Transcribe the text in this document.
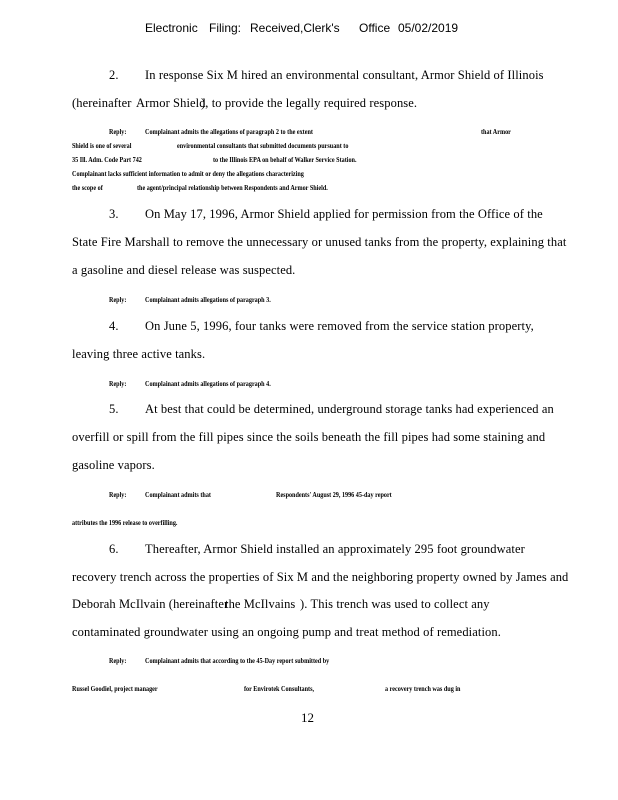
Electronic Filing: Received,Clerk's Office 05/02/2019
2. In response Six M hired an environmental consultant, Armor Shield of Illinois
(hereinafter Armor Shield
), to provide the legally required response.
Reply: Complainant admits the allegations of paragraph 2 to the extent	that Armor
Shield is one of several	environmental consultants that submitted documents pursuant to
35 Ill. Adm. Code Part 742	to the Illinois EPA on behalf of Walker Service Station.
Complainant lacks sufficient information to admit or deny the allegations characterizing
the scope of	the agent/principal relationship between Respondents and Armor Shield.
3. On May 17, 1996, Armor Shield applied for permission from the Office of the
State Fire Marshall to remove the unnecessary or unused tanks from the property, explaining that
a gasoline and diesel release was suspected.
Reply: Complainant admits allegations of paragraph 3.
4. On June 5, 1996, four tanks were removed from the service station property,
leaving three active tanks.
Reply: Complainant admits allegations of paragraph 4.
5. At best that could be determined, underground storage tanks had experienced an
overfill or spill from the fill pipes since the soils beneath the fill pipes had some staining and
gasoline vapors.
Reply: Complainant admits that	Respondents' August 29, 1996 45-day report
attributes the 1996 release to overfilling.
6. Thereafter, Armor Shield installed an approximately 295 foot groundwater
recovery trench across the properties of Six M and the neighboring property owned by James and
Deborah McIlvain (hereinafter
the McIlvains ). This trench was used to collect any
contaminated groundwater using an ongoing pump and treat method of remediation.
Reply: Complainant admits that according to the 45-Day report submitted by
Russel Goodiel, project manager	for Envirotek Consultants,	a recovery trench was dug in
12
